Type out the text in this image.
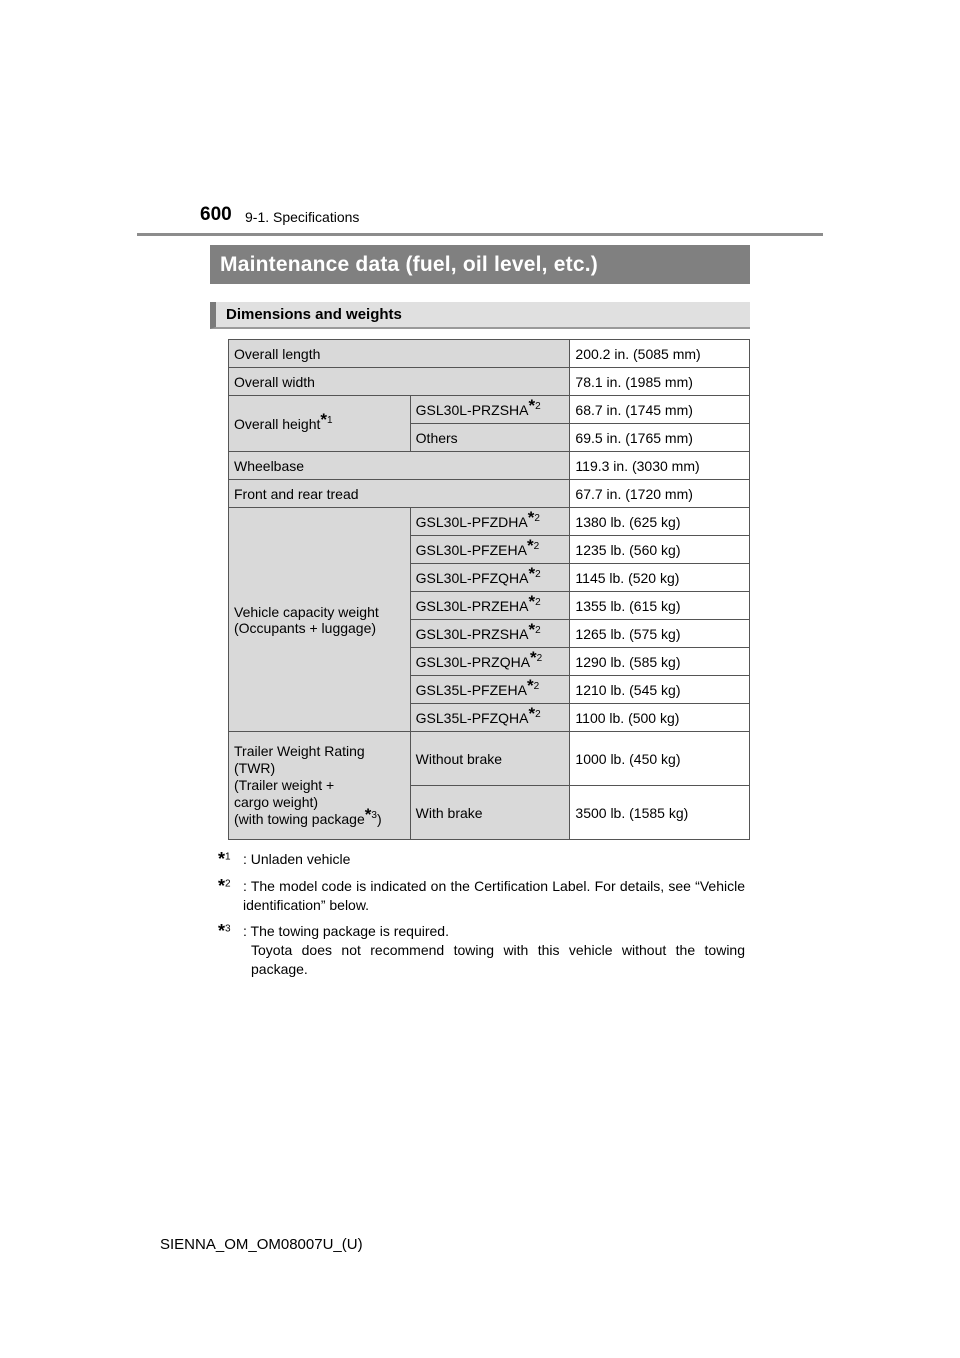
600 9-1. Specifications
Maintenance data (fuel, oil level, etc.)
Dimensions and weights
Overall length		200.2 in. (5085 mm)
Overall width		78.1 in. (1985 mm)
Overall height$^{*1}$	GSL30L-PRZSHA$^{*2}$	68.7 in. (1745 mm)
	Others	69.5 in. (1765 mm)
Wheelbase		119.3 in. (3030 mm)
Front and rear tread		67.7 in. (1720 mm)
Vehicle capacity weight
(Occupants + luggage)	GSL30L-PFZDHA$^{*2}$	1380 lb. (625 kg)
	GSL30L-PFZEHA$^{*2}$	1235 lb. (560 kg)
	GSL30L-PFZQHA$^{*2}$	1145 lb. (520 kg)
	GSL30L-PRZEHA$^{*2}$	1355 lb. (615 kg)
	GSL30L-PRZSHA$^{*2}$	1265 lb. (575 kg)
	GSL30L-PRZQHA$^{*2}$	1290 lb. (585 kg)
	GSL35L-PFZEHA$^{*2}$	1210 lb. (545 kg)
	GSL35L-PFZQHA$^{*2}$	1100 lb. (500 kg)
Trailer Weight Rating
(TWR)
(Trailer weight +
cargo weight)
(with towing package$^{*3}$)	Without brake	1000 lb. (450 kg)
	With brake	3500 lb. (1585 kg)
*$^1$ : Unladen vehicle
*$^2$ : The model code is indicated on the Certification Label. For details, see “Vehicle identification” below.
*$^3$ : The towing package is required.
Toyota does not recommend towing with this vehicle without the towing package.
SIENNA_OM_OM08007U_(U)
